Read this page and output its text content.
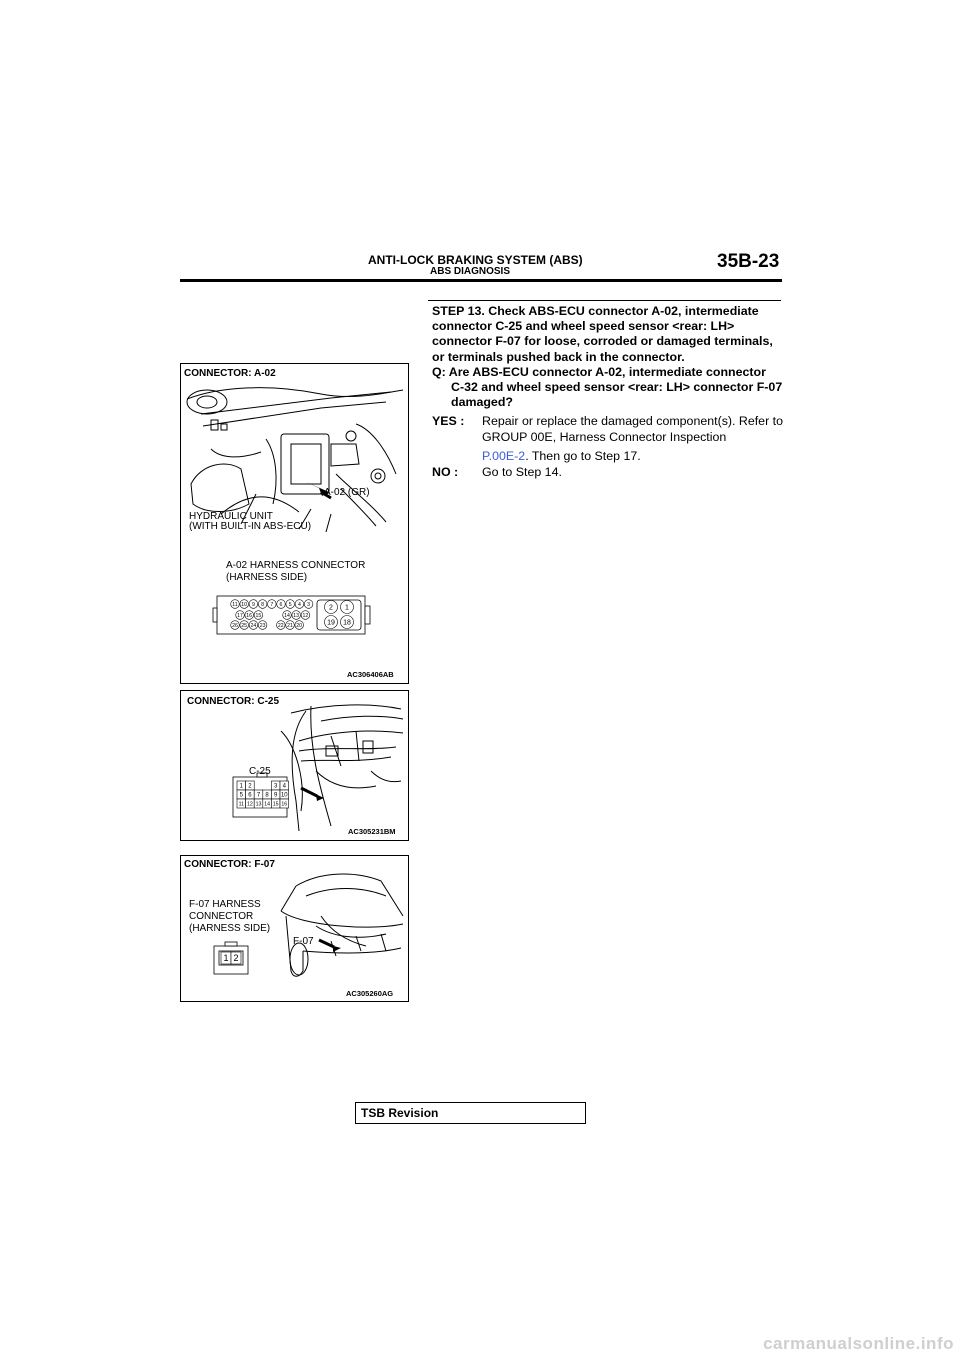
ANTI-LOCK BRAKING SYSTEM (ABS)
ABS DIAGNOSIS	35B-23
STEP 13. Check ABS-ECU connector A-02, intermediate connector C-25 and wheel speed sensor <rear: LH> connector F-07 for loose, corroded or damaged terminals, or terminals pushed back in the connector.
Q: Are ABS-ECU connector A-02, intermediate connector
C-32 and wheel speed sensor <rear: LH> connector F-07 damaged?
YES :	Repair or replace the damaged component(s). Refer to GROUP 00E, Harness Connector Inspection
P.00E-2. Then go to Step 17.
NO :	Go to Step 14.
CONNECTOR: A-02
A-02 (GR)
HYDRAULIC UNIT
(WITH BUILT-IN ABS-ECU)
A-02 HARNESS CONNECTOR
(HARNESS SIDE)
11 10 9 8 7 6 5 4 3
17 16 15	14 13 12
26 25 24 23 22 21 20
2 1
19 18
AC306406AB
CONNECTOR: C-25
1 2	3 4
5 6 7 8 9 10
11 12 13 14 15 16
C-25
AC305231BM
CONNECTOR: F-07
1 2
F-07 HARNESS
CONNECTOR
(HARNESS SIDE)
F-07
AC305260AG
TSB Revision
carmanualsonline.info
